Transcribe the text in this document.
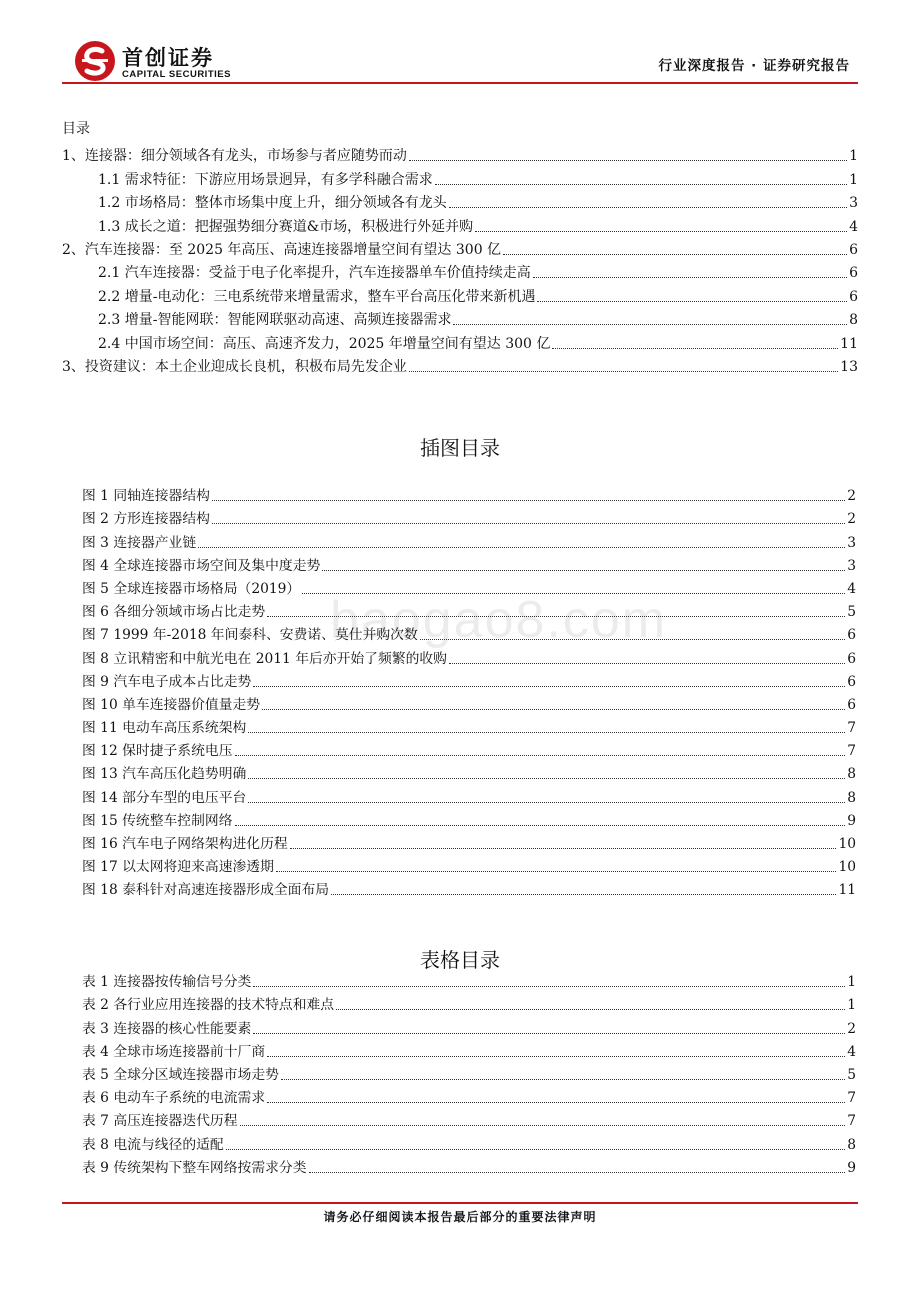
首创证券
CAPITAL SECURITIES
行业深度报告 · 证券研究报告
baogao8.com
目录
1、连接器：细分领域各有龙头，市场参与者应随势而动	1
1.1 需求特征：下游应用场景迥异，有多学科融合需求	1
1.2 市场格局：整体市场集中度上升，细分领域各有龙头	3
1.3 成长之道：把握强势细分赛道&市场，积极进行外延并购	4
2、汽车连接器：至 2025 年高压、高速连接器增量空间有望达 300 亿	6
2.1 汽车连接器：受益于电子化率提升，汽车连接器单车价值持续走高	6
2.2 增量-电动化：三电系统带来增量需求，整车平台高压化带来新机遇	6
2.3 增量-智能网联：智能网联驱动高速、高频连接器需求	8
2.4 中国市场空间：高压、高速齐发力，2025 年增量空间有望达 300 亿	11
3、投资建议：本土企业迎成长良机，积极布局先发企业	13
插图目录
图 1 同轴连接器结构	2
图 2 方形连接器结构	2
图 3 连接器产业链	3
图 4 全球连接器市场空间及集中度走势	3
图 5 全球连接器市场格局（2019）	4
图 6 各细分领域市场占比走势	5
图 7 1999 年-2018 年间泰科、安费诺、莫仕并购次数	6
图 8 立讯精密和中航光电在 2011 年后亦开始了频繁的收购	6
图 9 汽车电子成本占比走势	6
图 10 单车连接器价值量走势	6
图 11 电动车高压系统架构	7
图 12 保时捷子系统电压	7
图 13 汽车高压化趋势明确	8
图 14 部分车型的电压平台	8
图 15 传统整车控制网络	9
图 16 汽车电子网络架构进化历程	10
图 17 以太网将迎来高速渗透期	10
图 18 泰科针对高速连接器形成全面布局	11
表格目录
表 1 连接器按传输信号分类	1
表 2 各行业应用连接器的技术特点和难点	1
表 3 连接器的核心性能要素	2
表 4 全球市场连接器前十厂商	4
表 5 全球分区域连接器市场走势	5
表 6 电动车子系统的电流需求	7
表 7 高压连接器迭代历程	7
表 8 电流与线径的适配	8
表 9 传统架构下整车网络按需求分类	9
请务必仔细阅读本报告最后部分的重要法律声明
